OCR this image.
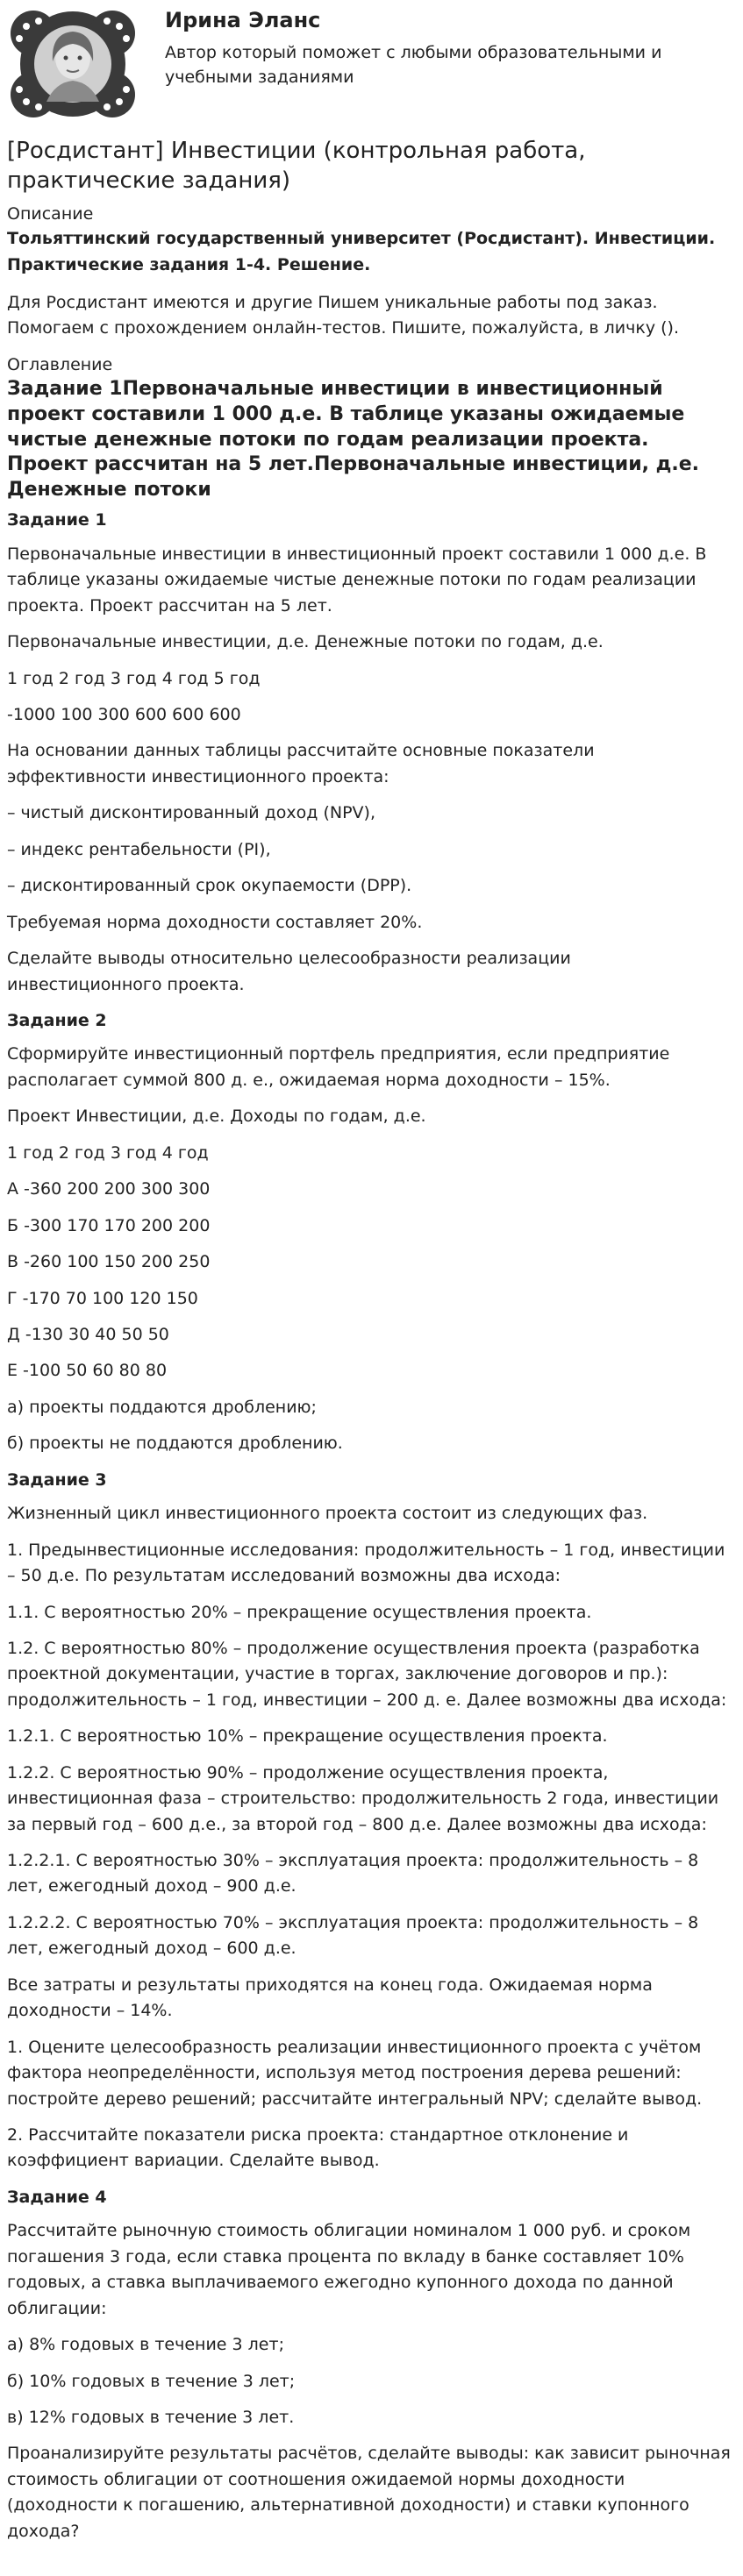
Ирина Эланс
Автор который поможет с любыми образовательными и учебными заданиями
[Росдистант] Инвестиции (контрольная работа, практические задания)
Описание
Тольяттинский государственный университет (Росдистант). Инвестиции. Практические задания 1-4. Решение.
Для Росдистант имеются и другие Пишем уникальные работы под заказ. Помогаем с прохождением онлайн-тестов. Пишите, пожалуйста, в личку ().
Оглавление
Задание 1Первоначальные инвестиции в инвестиционный проект составили 1 000 д.е. В таблице указаны ожидаемые чистые денежные потоки по годам реализации проекта. Проект рассчитан на 5 лет.Первоначальные инвестиции, д.е. Денежные потоки
Задание 1
Первоначальные инвестиции в инвестиционный проект составили 1 000 д.е. В таблице указаны ожидаемые чистые денежные потоки по годам реализации проекта. Проект рассчитан на 5 лет.
Первоначальные инвестиции, д.е. Денежные потоки по годам, д.е.
1 год 2 год 3 год 4 год 5 год
-1000 100 300 600 600 600
На основании данных таблицы рассчитайте основные показатели эффективности инвестиционного проекта:
– чистый дисконтированный доход (NPV),
– индекс рентабельности (PI),
– дисконтированный срок окупаемости (DPP).
Требуемая норма доходности составляет 20%.
Сделайте выводы относительно целесообразности реализации инвестиционного проекта.
Задание 2
Сформируйте инвестиционный портфель предприятия, если предприятие располагает суммой 800 д. е., ожидаемая норма доходности – 15%.
Проект Инвестиции, д.е. Доходы по годам, д.е.
1 год 2 год 3 год 4 год
А -360 200 200 300 300
Б -300 170 170 200 200
В -260 100 150 200 250
Г -170 70 100 120 150
Д -130 30 40 50 50
Е -100 50 60 80 80
а) проекты поддаются дроблению;
б) проекты не поддаются дроблению.
Задание 3
Жизненный цикл инвестиционного проекта состоит из следующих фаз.
1. Предынвестиционные исследования: продолжительность – 1 год, инвестиции – 50 д.е. По результатам исследований возможны два исхода:
1.1. С вероятностью 20% – прекращение осуществления проекта.
1.2. С вероятностью 80% – продолжение осуществления проекта (разработка проектной документации, участие в торгах, заключение договоров и пр.): продолжительность – 1 год, инвестиции – 200 д. е. Далее возможны два исхода:
1.2.1. С вероятностью 10% – прекращение осуществления проекта.
1.2.2. С вероятностью 90% – продолжение осуществления проекта, инвестиционная фаза – строительство: продолжительность 2 года, инвестиции за первый год – 600 д.е., за второй год – 800 д.е. Далее возможны два исхода:
1.2.2.1. С вероятностью 30% – эксплуатация проекта: продолжительность – 8 лет, ежегодный доход – 900 д.е.
1.2.2.2. С вероятностью 70% – эксплуатация проекта: продолжительность – 8 лет, ежегодный доход – 600 д.е.
Все затраты и результаты приходятся на конец года. Ожидаемая норма доходности – 14%.
1. Оцените целесообразность реализации инвестиционного проекта с учётом фактора неопределённости, используя метод построения дерева решений: постройте дерево решений; рассчитайте интегральный NPV; сделайте вывод.
2. Рассчитайте показатели риска проекта: стандартное отклонение и коэффициент вариации. Сделайте вывод.
Задание 4
Рассчитайте рыночную стоимость облигации номиналом 1 000 руб. и сроком погашения 3 года, если ставка процента по вкладу в банке составляет 10% годовых, а ставка выплачиваемого ежегодно купонного дохода по данной облигации:
а) 8% годовых в течение 3 лет;
б) 10% годовых в течение 3 лет;
в) 12% годовых в течение 3 лет.
Проанализируйте результаты расчётов, сделайте выводы: как зависит рыночная стоимость облигации от соотношения ожидаемой нормы доходности (доходности к погашению, альтернативной доходности) и ставки купонного дохода?
